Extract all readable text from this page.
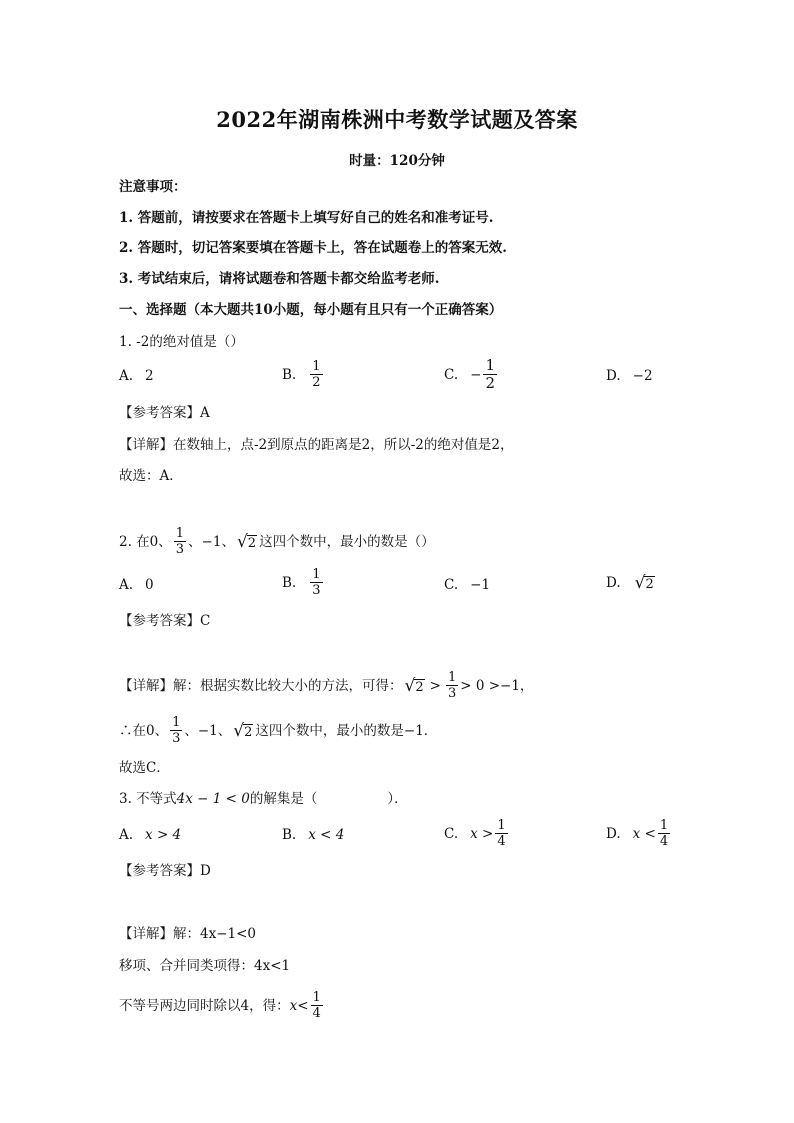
2022年湖南株洲中考数学试题及答案
时量：120分钟
注意事项：
1. 答题前，请按要求在答题卡上填写好自己的姓名和准考证号.
2. 答题时，切记答案要填在答题卡上，答在试题卷上的答案无效.
3. 考试结束后，请将试题卷和答题卡都交给监考老师.
一、选择题（本大题共10小题，每小题有且只有一个正确答案）
1. -2的绝对值是（）
A. 2	B. $\frac{1}{2}$	C. − $\frac{1}{2}$	D. −2
【参考答案】A
【详解】在数轴上，点-2到原点的距离是2，所以-2的绝对值是2，
故选：A．
2. 在0、 $\frac{1}{3}$ 、−1、 √ 2 这四个数中，最小的数是（）
A. 0	B. $\frac{1}{3}$	C. −1	D. √ 2
【参考答案】C
【详解】解：根据实数比较大小的方法，可得： √ $2 > \frac{1}{3} > 0 >-1$，
∴在0、 $\frac{1}{3}$ 、−1、 √ 2 这四个数中，最小的数是−1．
故选C．
3. 不等式 4x − 1 < 0 的解集是（	）．
A. x > 4	B. x < 4	C. $x > \frac{1}{4}$	D. $x < \frac{1}{4}$
【参考答案】D
【详解】解：4x−1<0
移项、合并同类项得：4x<1
不等号两边同时除以4，得： $x< \frac{1}{4}$
